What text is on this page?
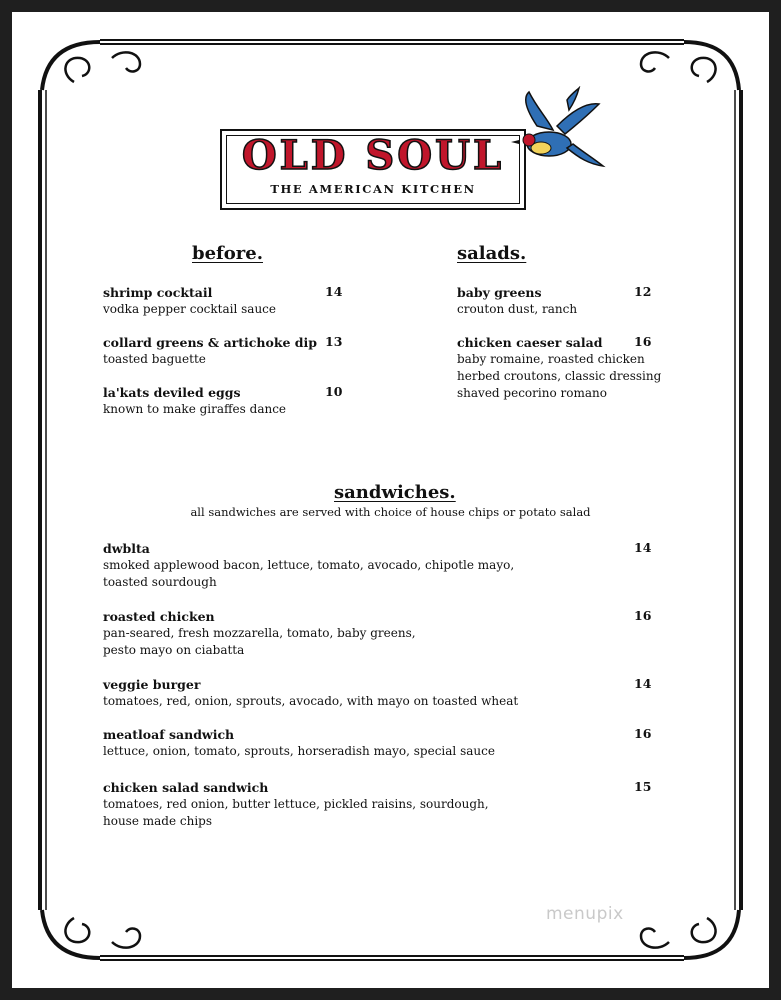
OLD SOUL
THE AMERICAN KITCHEN
before.
shrimp cocktail
vodka pepper cocktail sauce
14
collard greens & artichoke dip
toasted baguette
13
la'kats deviled eggs
known to make giraffes dance
10
salads.
baby greens
crouton dust, ranch
12
chicken caeser salad
baby romaine, roasted chicken
herbed croutons, classic dressing
shaved pecorino romano
16
sandwiches.
all sandwiches are served with choice of house chips or potato salad
dwblta
smoked applewood bacon, lettuce, tomato, avocado, chipotle mayo,
toasted sourdough
14
roasted chicken
pan-seared, fresh mozzarella, tomato, baby greens,
pesto mayo on ciabatta
16
veggie burger
tomatoes, red, onion, sprouts, avocado, with mayo on toasted wheat
14
meatloaf sandwich
lettuce, onion, tomato, sprouts, horseradish mayo, special sauce
16
chicken salad sandwich
tomatoes, red onion, butter lettuce, pickled raisins, sourdough,
house made chips
15
menupix
